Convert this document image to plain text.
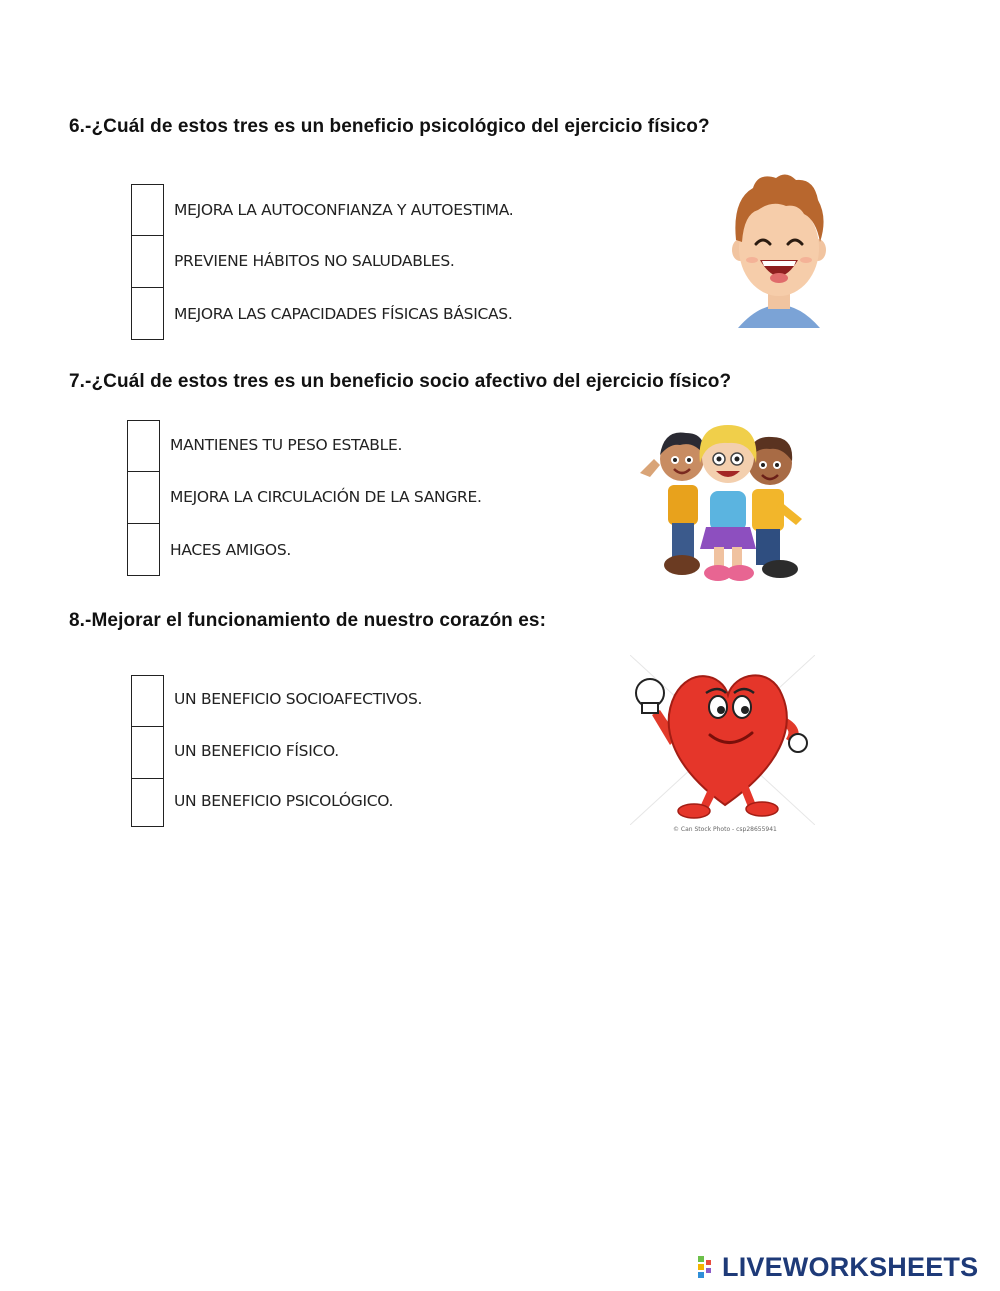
6.-¿Cuál de estos tres es un beneficio psicológico del ejercicio físico?
MEJORA LA AUTOCONFIANZA Y AUTOESTIMA.
PREVIENE HÁBITOS NO SALUDABLES.
MEJORA LAS CAPACIDADES FÍSICAS BÁSICAS.
7.-¿Cuál de estos tres es un beneficio socio afectivo del ejercicio físico?
MANTIENES TU PESO ESTABLE.
MEJORA LA CIRCULACIÓN DE LA SANGRE.
HACES AMIGOS.
8.-Mejorar el funcionamiento de nuestro corazón es:
UN BENEFICIO SOCIOAFECTIVOS.
UN BENEFICIO FÍSICO.
UN BENEFICIO PSICOLÓGICO.
© Can Stock Photo - csp28655941
LIVEWORKSHEETS
